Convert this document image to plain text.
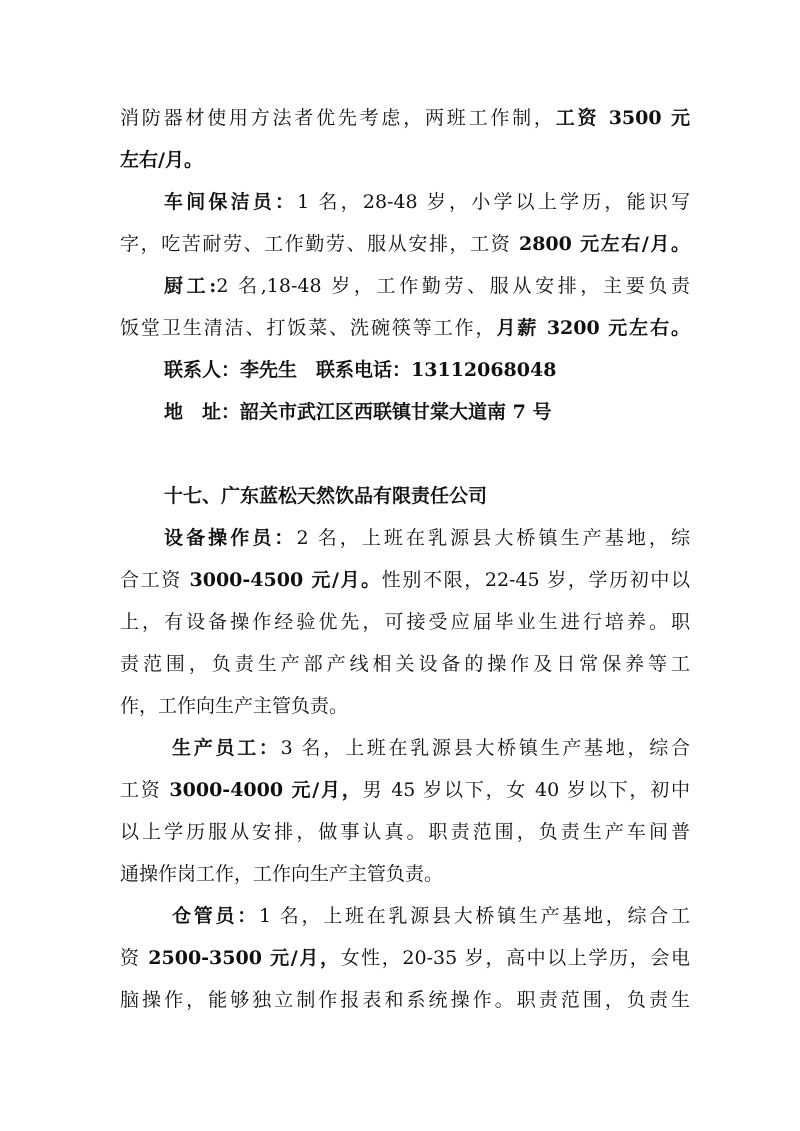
消防器材使用方法者优先考虑，两班工作制，工资 3500 元
左右/月。
车间保洁员：1 名，28-48 岁，小学以上学历，能识写
字，吃苦耐劳、工作勤劳、服从安排，工资 2800 元左右/月。
厨工:2 名,18-48 岁，工作勤劳、服从安排，主要负责
饭堂卫生清洁、打饭菜、洗碗筷等工作，月薪 3200 元左右。
联系人：李先生　联系电话：13112068048
地　址：韶关市武江区西联镇甘棠大道南 7 号
十七、广东蓝松天然饮品有限责任公司
设备操作员：2 名，上班在乳源县大桥镇生产基地，综
合工资 3000-4500 元/月。性别不限，22-45 岁，学历初中以
上，有设备操作经验优先，可接受应届毕业生进行培养。职
责范围，负责生产部产线相关设备的操作及日常保养等工
作，工作向生产主管负责。
生产员工：3 名，上班在乳源县大桥镇生产基地，综合
工资 3000-4000 元/月，男 45 岁以下，女 40 岁以下，初中
以上学历服从安排，做事认真。职责范围，负责生产车间普
通操作岗工作，工作向生产主管负责。
仓管员：1 名，上班在乳源县大桥镇生产基地，综合工
资 2500-3500 元/月，女性，20-35 岁，高中以上学历，会电
脑操作，能够独立制作报表和系统操作。职责范围，负责生
